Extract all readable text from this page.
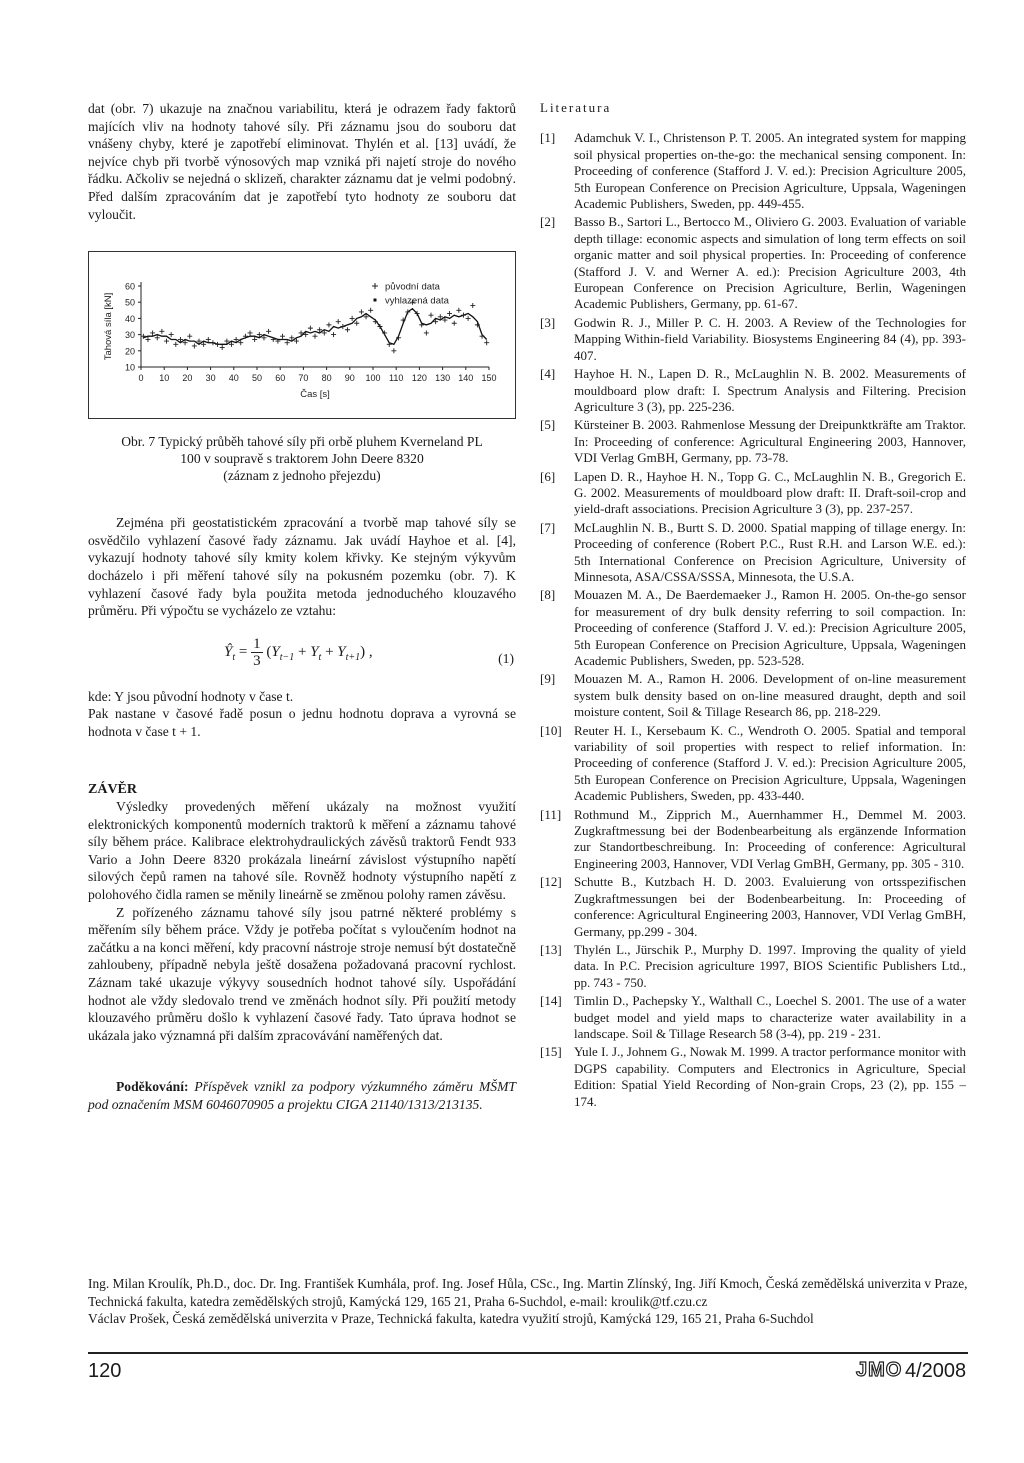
dat (obr. 7) ukazuje na značnou variabilitu, která je odrazem řady faktorů majících vliv na hodnoty tahové síly. Při záznamu jsou do souboru dat vnášeny chyby, které je zapotřebí eliminovat. Thylén et al. [13] uvádí, že nejvíce chyb při tvorbě výnosových map vzniká při najetí stroje do nového řádku. Ačkoliv se nejedná o sklizeň, charakter záznamu dat je velmi podobný. Před dalším zpracováním dat je zapotřebí tyto hodnoty ze souboru dat vyloučit.

10
20
30
40
50
60
0 10 20 30 40 50 60 70 80 90 100 110 120 130 140 150
Čas [s]
Tahová síla [kN]
původní data
vyhlazená data
Obr. 7 Typický průběh tahové síly při orbě pluhem Kverneland PL
100 v soupravě s traktorem John Deere 8320
(záznam z jednoho přejezdu)

Zejména při geostatistickém zpracování a tvorbě map tahové síly se osvědčilo vyhlazení časové řady záznamu. Jak uvádí Hayhoe et al. [4], vykazují hodnoty tahové síly kmity kolem křivky. Ke stejným výkyvům docházelo i při měření tahové síly na pokusném pozemku (obr. 7). K vyhlazení časové řady byla použita metoda jednoduchého klouzavého průměru. Při výpočtu se vycházelo ze vztahu:

$Ŷ_t = \frac{1}{3} (Y_{t-1} + Y_t + Y_{t+1})$ ,	(1)

kde: Y jsou původní hodnoty v čase t.

Pak nastane v časové řadě posun o jednu hodnotu doprava a vyrovná se hodnota v čase t + 1.

ZÁVĚR

Výsledky provedených měření ukázaly na možnost využití elektronických komponentů moderních traktorů k měření a záznamu tahové síly během práce. Kalibrace elektrohydraulických závěsů traktorů Fendt 933 Vario a John Deere 8320 prokázala lineární závislost výstupního napětí silových čepů ramen na tahové síle. Rovněž hodnoty výstupního napětí z polohového čidla ramen se měnily lineárně se změnou polohy ramen závěsu.

Z pořízeného záznamu tahové síly jsou patrné některé problémy s měřením síly během práce. Vždy je potřeba počítat s vyloučením hodnot na začátku a na konci měření, kdy pracovní nástroje stroje nemusí být dostatečně zahloubeny, případně nebyla ještě dosažena požadovaná pracovní rychlost. Záznam také ukazuje výkyvy sousedních hodnot tahové síly. Uspořádání hodnot ale vždy sledovalo trend ve změnách hodnot síly. Při použití metody klouzavého průměru došlo k vyhlazení časové řady. Tato úprava hodnot se ukázala jako významná při dalším zpracovávání naměřených dat.

Poděkování: Příspěvek vznikl za podpory výzkumného záměru MŠMT pod označením MSM 6046070905 a projektu CIGA 21140/1313/213135.

Literatura
[1]	Adamchuk V. I., Christenson P. T. 2005. An integrated system for mapping soil physical properties on-the-go: the mechanical sensing component. In: Proceeding of conference (Stafford J. V. ed.): Precision Agriculture 2005, 5th European Conference on Precision Agriculture, Uppsala, Wageningen Academic Publishers, Sweden, pp. 449-455.
[2]	Basso B., Sartori L., Bertocco M., Oliviero G. 2003. Evaluation of variable depth tillage: economic aspects and simulation of long term effects on soil organic matter and soil physical properties. In: Proceeding of conference (Stafford J. V. and Werner A. ed.): Precision Agriculture 2003, 4th European Conference on Precision Agriculture, Berlin, Wageningen Academic Publishers, Germany, pp. 61-67.
[3]	Godwin R. J., Miller P. C. H. 2003. A Review of the Technologies for Mapping Within-field Variability. Biosystems Engineering 84 (4), pp. 393-407.
[4]	Hayhoe H. N., Lapen D. R., McLaughlin N. B. 2002. Measurements of mouldboard plow draft: I. Spectrum Analysis and Filtering. Precision Agriculture 3 (3), pp. 225-236.
[5]	Kürsteiner B. 2003. Rahmenlose Messung der Dreipunktkräfte am Traktor. In: Proceeding of conference: Agricultural Engineering 2003, Hannover, VDI Verlag GmBH, Germany, pp. 73-78.
[6]	Lapen D. R., Hayhoe H. N., Topp G. C., McLaughlin N. B., Gregorich E. G. 2002. Measurements of mouldboard plow draft: II. Draft-soil-crop and yield-draft associations. Precision Agriculture 3 (3), pp. 237-257.
[7]	McLaughlin N. B., Burtt S. D. 2000. Spatial mapping of tillage energy. In: Proceeding of conference (Robert P.C., Rust R.H. and Larson W.E. ed.): 5th International Conference on Precision Agriculture, University of Minnesota, ASA/CSSA/SSSA, Minnesota, the U.S.A.
[8]	Mouazen M. A., De Baerdemaeker J., Ramon H. 2005. On-the-go sensor for measurement of dry bulk density referring to soil compaction. In: Proceeding of conference (Stafford J. V. ed.): Precision Agriculture 2005, 5th European Conference on Precision Agriculture, Uppsala, Wageningen Academic Publishers, Sweden, pp. 523-528.
[9]	Mouazen M. A., Ramon H. 2006. Development of on-line measurement system bulk density based on on-line measured draught, depth and soil moisture content, Soil & Tillage Research 86, pp. 218-229.
[10] Reuter H. I., Kersebaum K. C., Wendroth O. 2005. Spatial and temporal variability of soil properties with respect to relief information. In: Proceeding of conference (Stafford J. V. ed.): Precision Agriculture 2005, 5th European Conference on Precision Agriculture, Uppsala, Wageningen Academic Publishers, Sweden, pp. 433-440.
[11] Rothmund M., Zipprich M., Auernhammer H., Demmel M. 2003. Zugkraftmessung bei der Bodenbearbeitung als ergänzende Information zur Standortbeschreibung. In: Proceeding of conference: Agricultural Engineering 2003, Hannover, VDI Verlag GmBH, Germany, pp. 305 - 310.
[12] Schutte B., Kutzbach H. D. 2003. Evaluierung von ortsspezifischen Zugkraftmessungen bei der Bodenbearbeitung. In: Proceeding of conference: Agricultural Engineering 2003, Hannover, VDI Verlag GmBH, Germany, pp.299 - 304.
[13] Thylén L., Jürschik P., Murphy D. 1997. Improving the quality of yield data. In P.C. Precision agriculture 1997, BIOS Scientific Publishers Ltd., pp. 743 - 750.
[14] Timlin D., Pachepsky Y., Walthall C., Loechel S. 2001. The use of a water budget model and yield maps to characterize water availability in a landscape. Soil & Tillage Research 58 (3-4), pp. 219 - 231.
[15] Yule I. J., Johnem G., Nowak M. 1999. A tractor performance monitor with DGPS capability. Computers and Electronics in Agriculture, Special Edition: Spatial Yield Recording of Non-grain Crops, 23 (2), pp. 155 – 174.
Ing. Milan Kroulík, Ph.D., doc. Dr. Ing. František Kumhála, prof. Ing. Josef Hůla, CSc., Ing. Martin Zlínský, Ing. Jiří Kmoch, Česká zemědělská univerzita v Praze, Technická fakulta, katedra zemědělských strojů, Kamýcká 129, 165 21, Praha 6-Suchdol, e-mail: kroulik@tf.czu.cz
Václav Prošek, Česká zemědělská univerzita v Praze, Technická fakulta, katedra využití strojů, Kamýcká 129, 165 21, Praha 6-Suchdol
120	JMO 4/2008
